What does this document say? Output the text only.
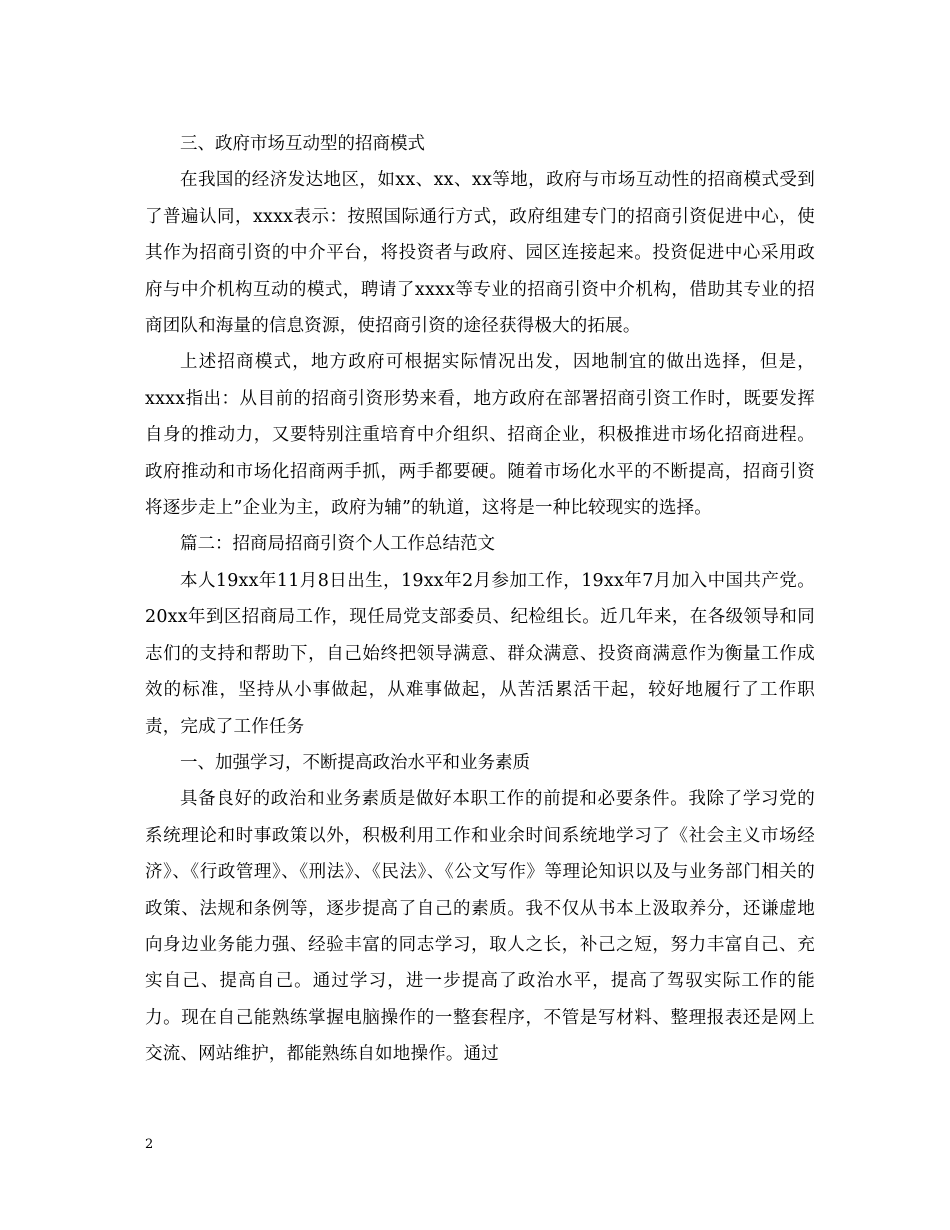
三、政府市场互动型的招商模式

在我国的经济发达地区，如xx、xx、xx等地，政府与市场互动性的招商模式受到了普遍认同，xxxx表示：按照国际通行方式，政府组建专门的招商引资促进中心，使其作为招商引资的中介平台，将投资者与政府、园区连接起来。投资促进中心采用政府与中介机构互动的模式，聘请了xxxx等专业的招商引资中介机构，借助其专业的招商团队和海量的信息资源，使招商引资的途径获得极大的拓展。

上述招商模式，地方政府可根据实际情况出发，因地制宜的做出选择，但是，xxxx指出：从目前的招商引资形势来看，地方政府在部署招商引资工作时，既要发挥自身的推动力，又要特别注重培育中介组织、招商企业，积极推进市场化招商进程。政府推动和市场化招商两手抓，两手都要硬。随着市场化水平的不断提高，招商引资将逐步走上”企业为主，政府为辅”的轨道，这将是一种比较现实的选择。

篇二：招商局招商引资个人工作总结范文

本人19xx年11月8日出生，19xx年2月参加工作，19xx年7月加入中国共产党。20xx年到区招商局工作，现任局党支部委员、纪检组长。近几年来，在各级领导和同志们的支持和帮助下，自己始终把领导满意、群众满意、投资商满意作为衡量工作成效的标准，坚持从小事做起，从难事做起，从苦活累活干起，较好地履行了工作职责，完成了工作任务

一、加强学习，不断提高政治水平和业务素质

具备良好的政治和业务素质是做好本职工作的前提和必要条件。我除了学习党的系统理论和时事政策以外，积极利用工作和业余时间系统地学习了《社会主义市场经济》、《行政管理》、《刑法》、《民法》、《公文写作》等理论知识以及与业务部门相关的政策、法规和条例等，逐步提高了自己的素质。我不仅从书本上汲取养分，还谦虚地向身边业务能力强、经验丰富的同志学习，取人之长，补己之短，努力丰富自己、充实自己、提高自己。通过学习，进一步提高了政治水平，提高了驾驭实际工作的能力。现在自己能熟练掌握电脑操作的一整套程序，不管是写材料、整理报表还是网上交流、网站维护，都能熟练自如地操作。通过

2
